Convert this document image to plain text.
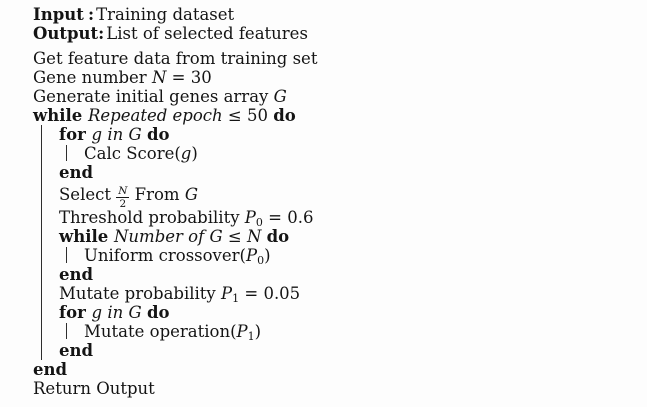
Input : Training dataset
Output: List of selected features
Get feature data from training set
Gene number N = 30
Generate initial genes array G
while Repeated epoch ≤ 50 do
for g in G do
Calc Score(g)
end
Select $\frac{N}{2}$ From G
Threshold probability $P_0 = 0.6$
while Number of G ≤ N do
Uniform $crossover(P_0)$
end
Mutate probability $P_1 = 0.05$
for g in G do
Mutate $operation(P_1)$
end
end
Return Output
